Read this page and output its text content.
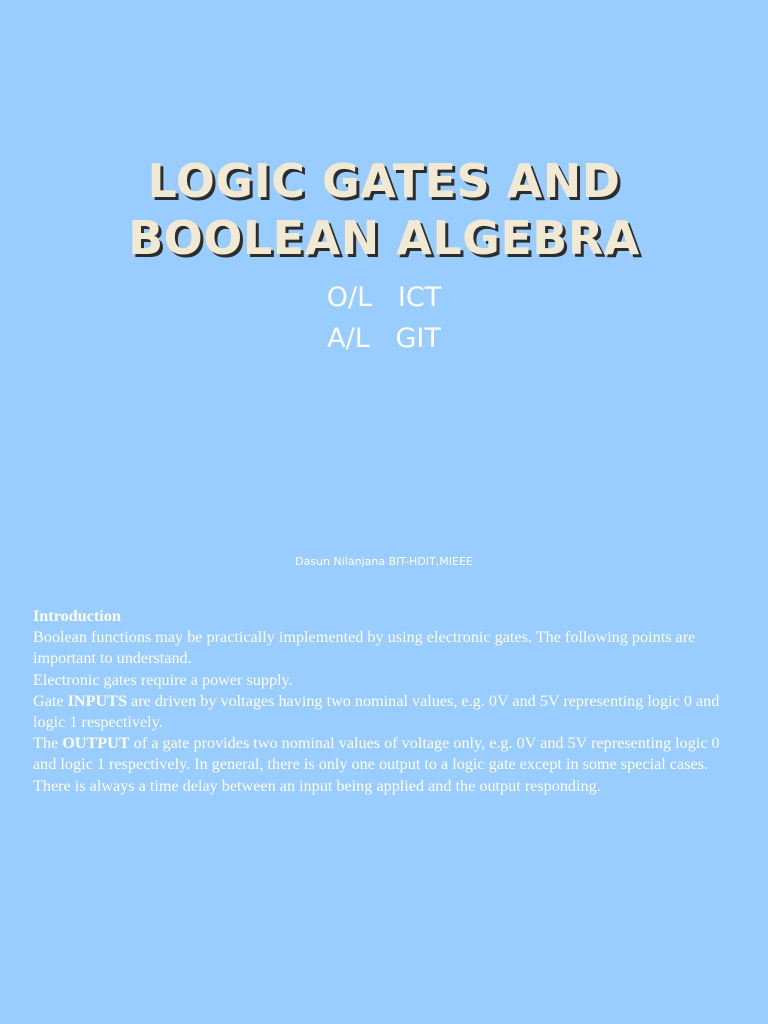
LOGIC GATES AND
BOOLEAN ALGEBRA
O/L   ICT
A/L   GIT
Dasun Nilanjana BIT-HDIT,MIEEE

Introduction

Boolean functions may be practically implemented by using electronic gates. The following points are important to understand.

Electronic gates require a power supply.

Gate INPUTS are driven by voltages having two nominal values, e.g. 0V and 5V representing logic 0 and logic 1 respectively.

The OUTPUT of a gate provides two nominal values of voltage only, e.g. 0V and 5V representing logic 0 and logic 1 respectively. In general, there is only one output to a logic gate except in some special cases.

There is always a time delay between an input being applied and the output responding.
